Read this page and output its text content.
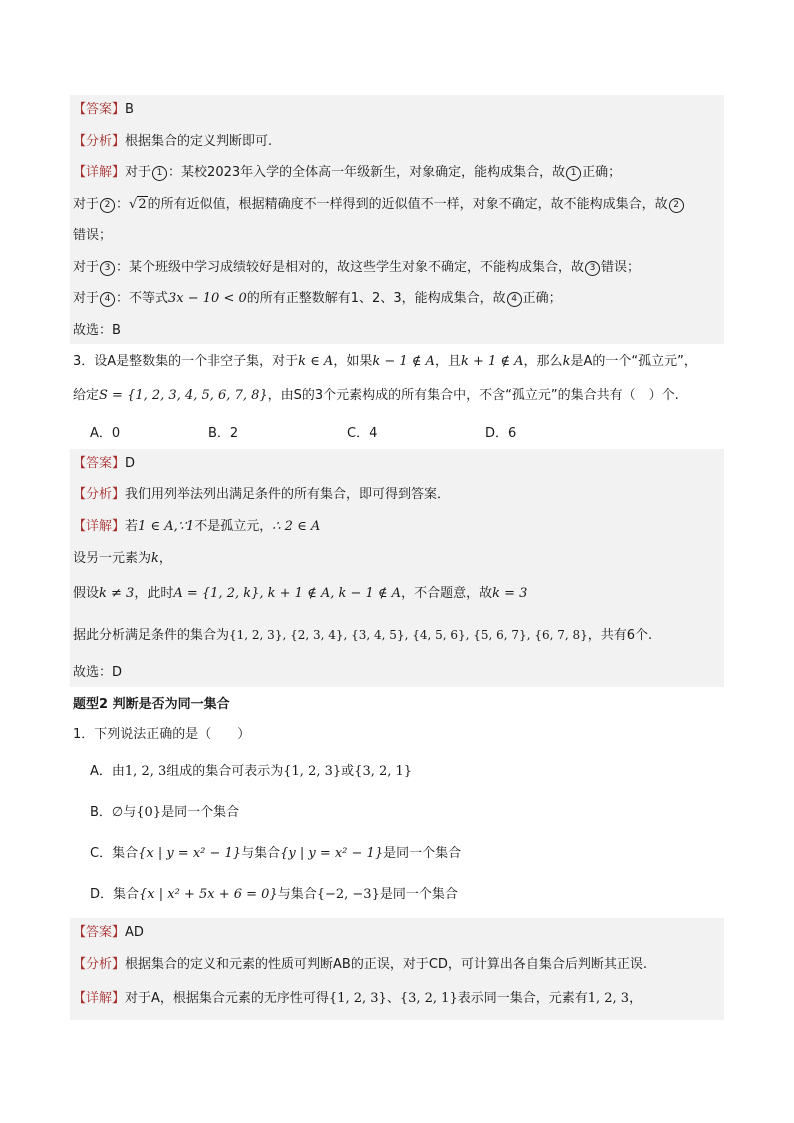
【答案】B
【分析】根据集合的定义判断即可.
【详解】对于 1 ：某校2023年入学的全体高一年级新生，对象确定，能构成集合，故 1 正确；
对于 2 ：√2的所有近似值，根据精确度不一样得到的近似值不一样，对象不确定，故不能构成集合，故 2
错误；
对于 3 ：某个班级中学习成绩较好是相对的，故这些学生对象不确定，不能构成集合，故 3 错误；
对于 4 ：不等式3x − 10 < 0的所有正整数解有1、2、3，能构成集合，故 4 正确；
故选：B
3．设A是整数集的一个非空子集，对于k ∈ A，如果k − 1 ∉ A，且k + 1 ∉ A，那么k是A的一个“孤立元”，
给定S = {1, 2, 3, 4, 5, 6, 7, 8}，由S的3个元素构成的所有集合中，不含“孤立元”的集合共有（　）个.
A．0	B．2	C．4	D．6
【答案】D
【分析】我们用列举法列出满足条件的所有集合，即可得到答案．
【详解】若1 ∈ A,∵1不是孤立元，∴ 2 ∈ A
设另一元素为k，
假设k ≠ 3，此时A = {1, 2, k}, k + 1 ∉ A, k − 1 ∉ A，不合题意，故k = 3
据此分析满足条件的集合为{1, 2, 3}, {2, 3, 4}, {3, 4, 5}, {4, 5, 6}, {5, 6, 7}, {6, 7, 8}，共有6个.
故选：D
题型2 判断是否为同一集合
1．下列说法正确的是（　　）
A．由1, 2, 3组成的集合可表示为{1, 2, 3}或{3, 2, 1}
B．∅与{0}是同一个集合
C．集合{x | y = x² − 1}与集合{y | y = x² − 1}是同一个集合
D．集合{x | x² + 5x + 6 = 0}与集合{−2, −3}是同一个集合
【答案】AD
【分析】根据集合的定义和元素的性质可判断AB的正误，对于CD，可计算出各自集合后判断其正误.
【详解】对于A，根据集合元素的无序性可得{1, 2, 3}、{3, 2, 1}表示同一集合，元素有1, 2, 3，
